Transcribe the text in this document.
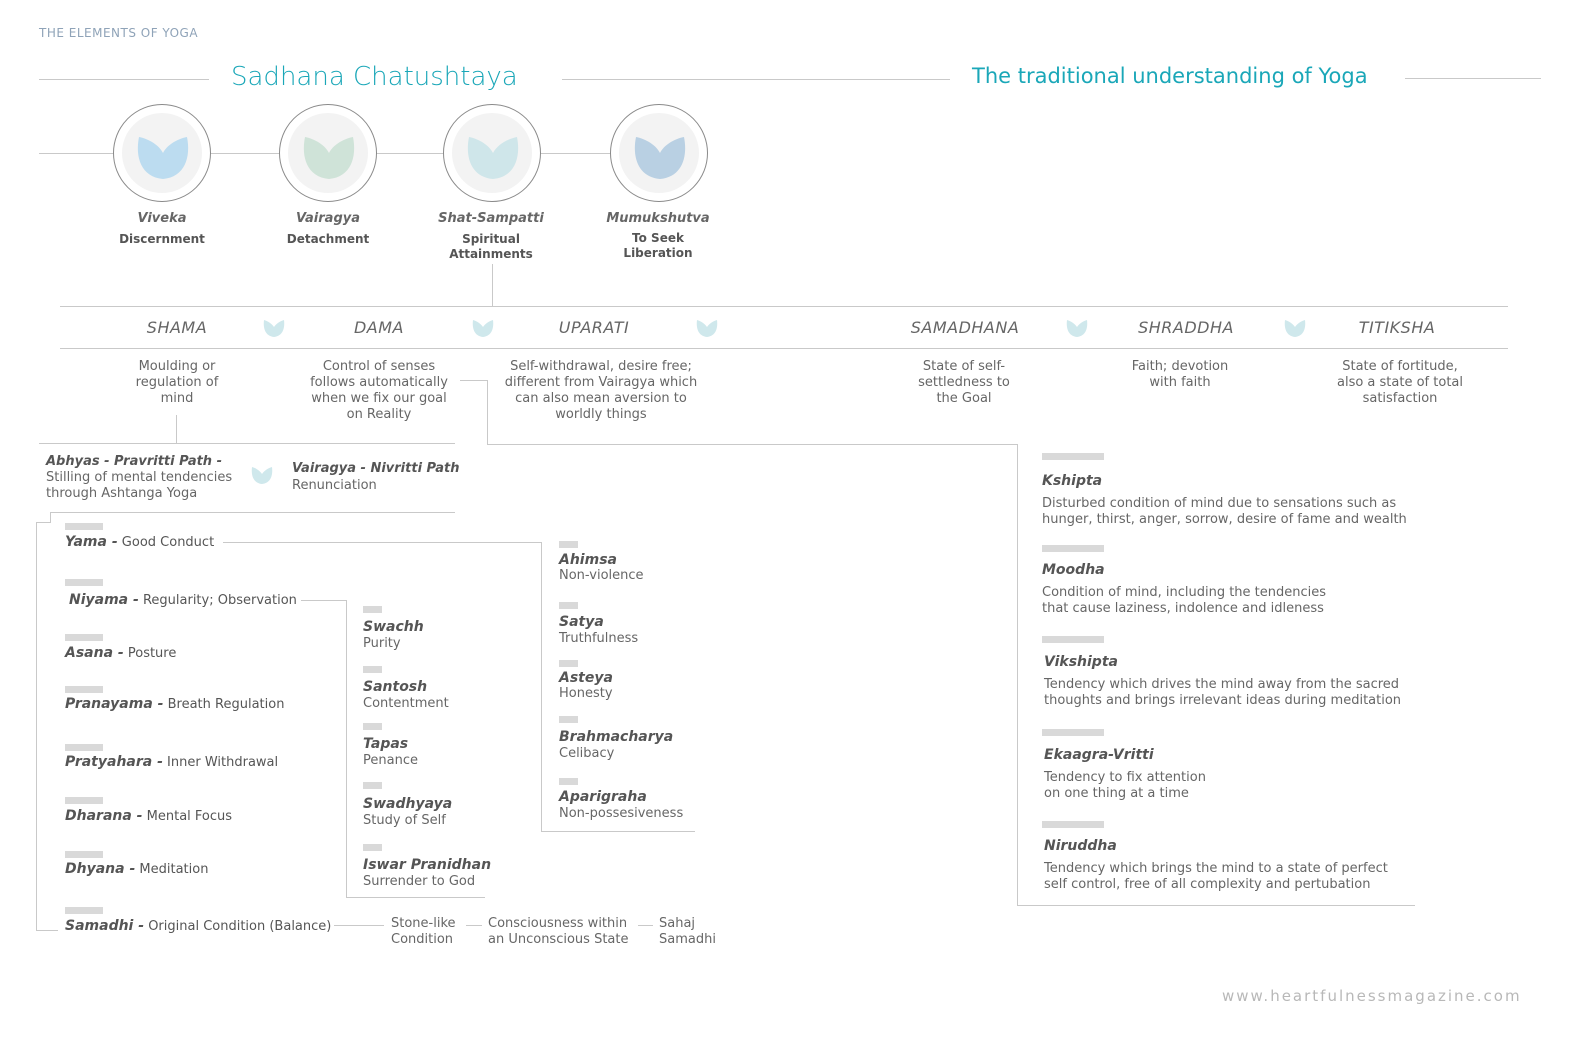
THE ELEMENTS OF YOGA
Sadhana Chatushtaya	The traditional understanding of Yoga
Viveka
Discernment
Vairagya
Detachment
Shat-Sampatti
Spiritual Attainments
Mumukshutva
To Seek Liberation
SHAMA	DAMA	UPARATI	SAMADHANA	SHRADDHA	TITIKSHA
Moulding or regulation of mind
Control of senses follows automatically when we fix our goal on Reality
Self-withdrawal, desire free; different from Vairagya which can also mean aversion to worldly things
State of self-settledness to the Goal
Faith; devotion with faith
State of fortitude, also a state of total satisfaction
Abhyas - Pravritti Path -
Stilling of mental tendencies through Ashtanga Yoga
Vairagya - Nivritti Path
Renunciation
Yama - Good Conduct
Niyama - Regularity; Observation
Asana - Posture
Pranayama - Breath Regulation
Pratyahara - Inner Withdrawal
Dharana - Mental Focus
Dhyana - Meditation
Samadhi - Original Condition (Balance)
Swachh
Purity
Santosh
Contentment
Tapas
Penance
Swadhyaya
Study of Self
Iswar Pranidhan
Surrender to God
Ahimsa
Non-violence
Satya
Truthfulness
Asteya
Honesty
Brahmacharya
Celibacy
Aparigraha
Non-possesiveness
Stone-like Condition
Consciousness within an Unconscious State
Sahaj Samadhi
Kshipta
Disturbed condition of mind due to sensations such as hunger, thirst, anger, sorrow, desire of fame and wealth
Moodha
Condition of mind, including the tendencies that cause laziness, indolence and idleness
Vikshipta
Tendency which drives the mind away from the sacred thoughts and brings irrelevant ideas during meditation
Ekaagra-Vritti
Tendency to fix attention on one thing at a time
Niruddha
Tendency which brings the mind to a state of perfect self control, free of all complexity and pertubation
www.heartfulnessmagazine.com
